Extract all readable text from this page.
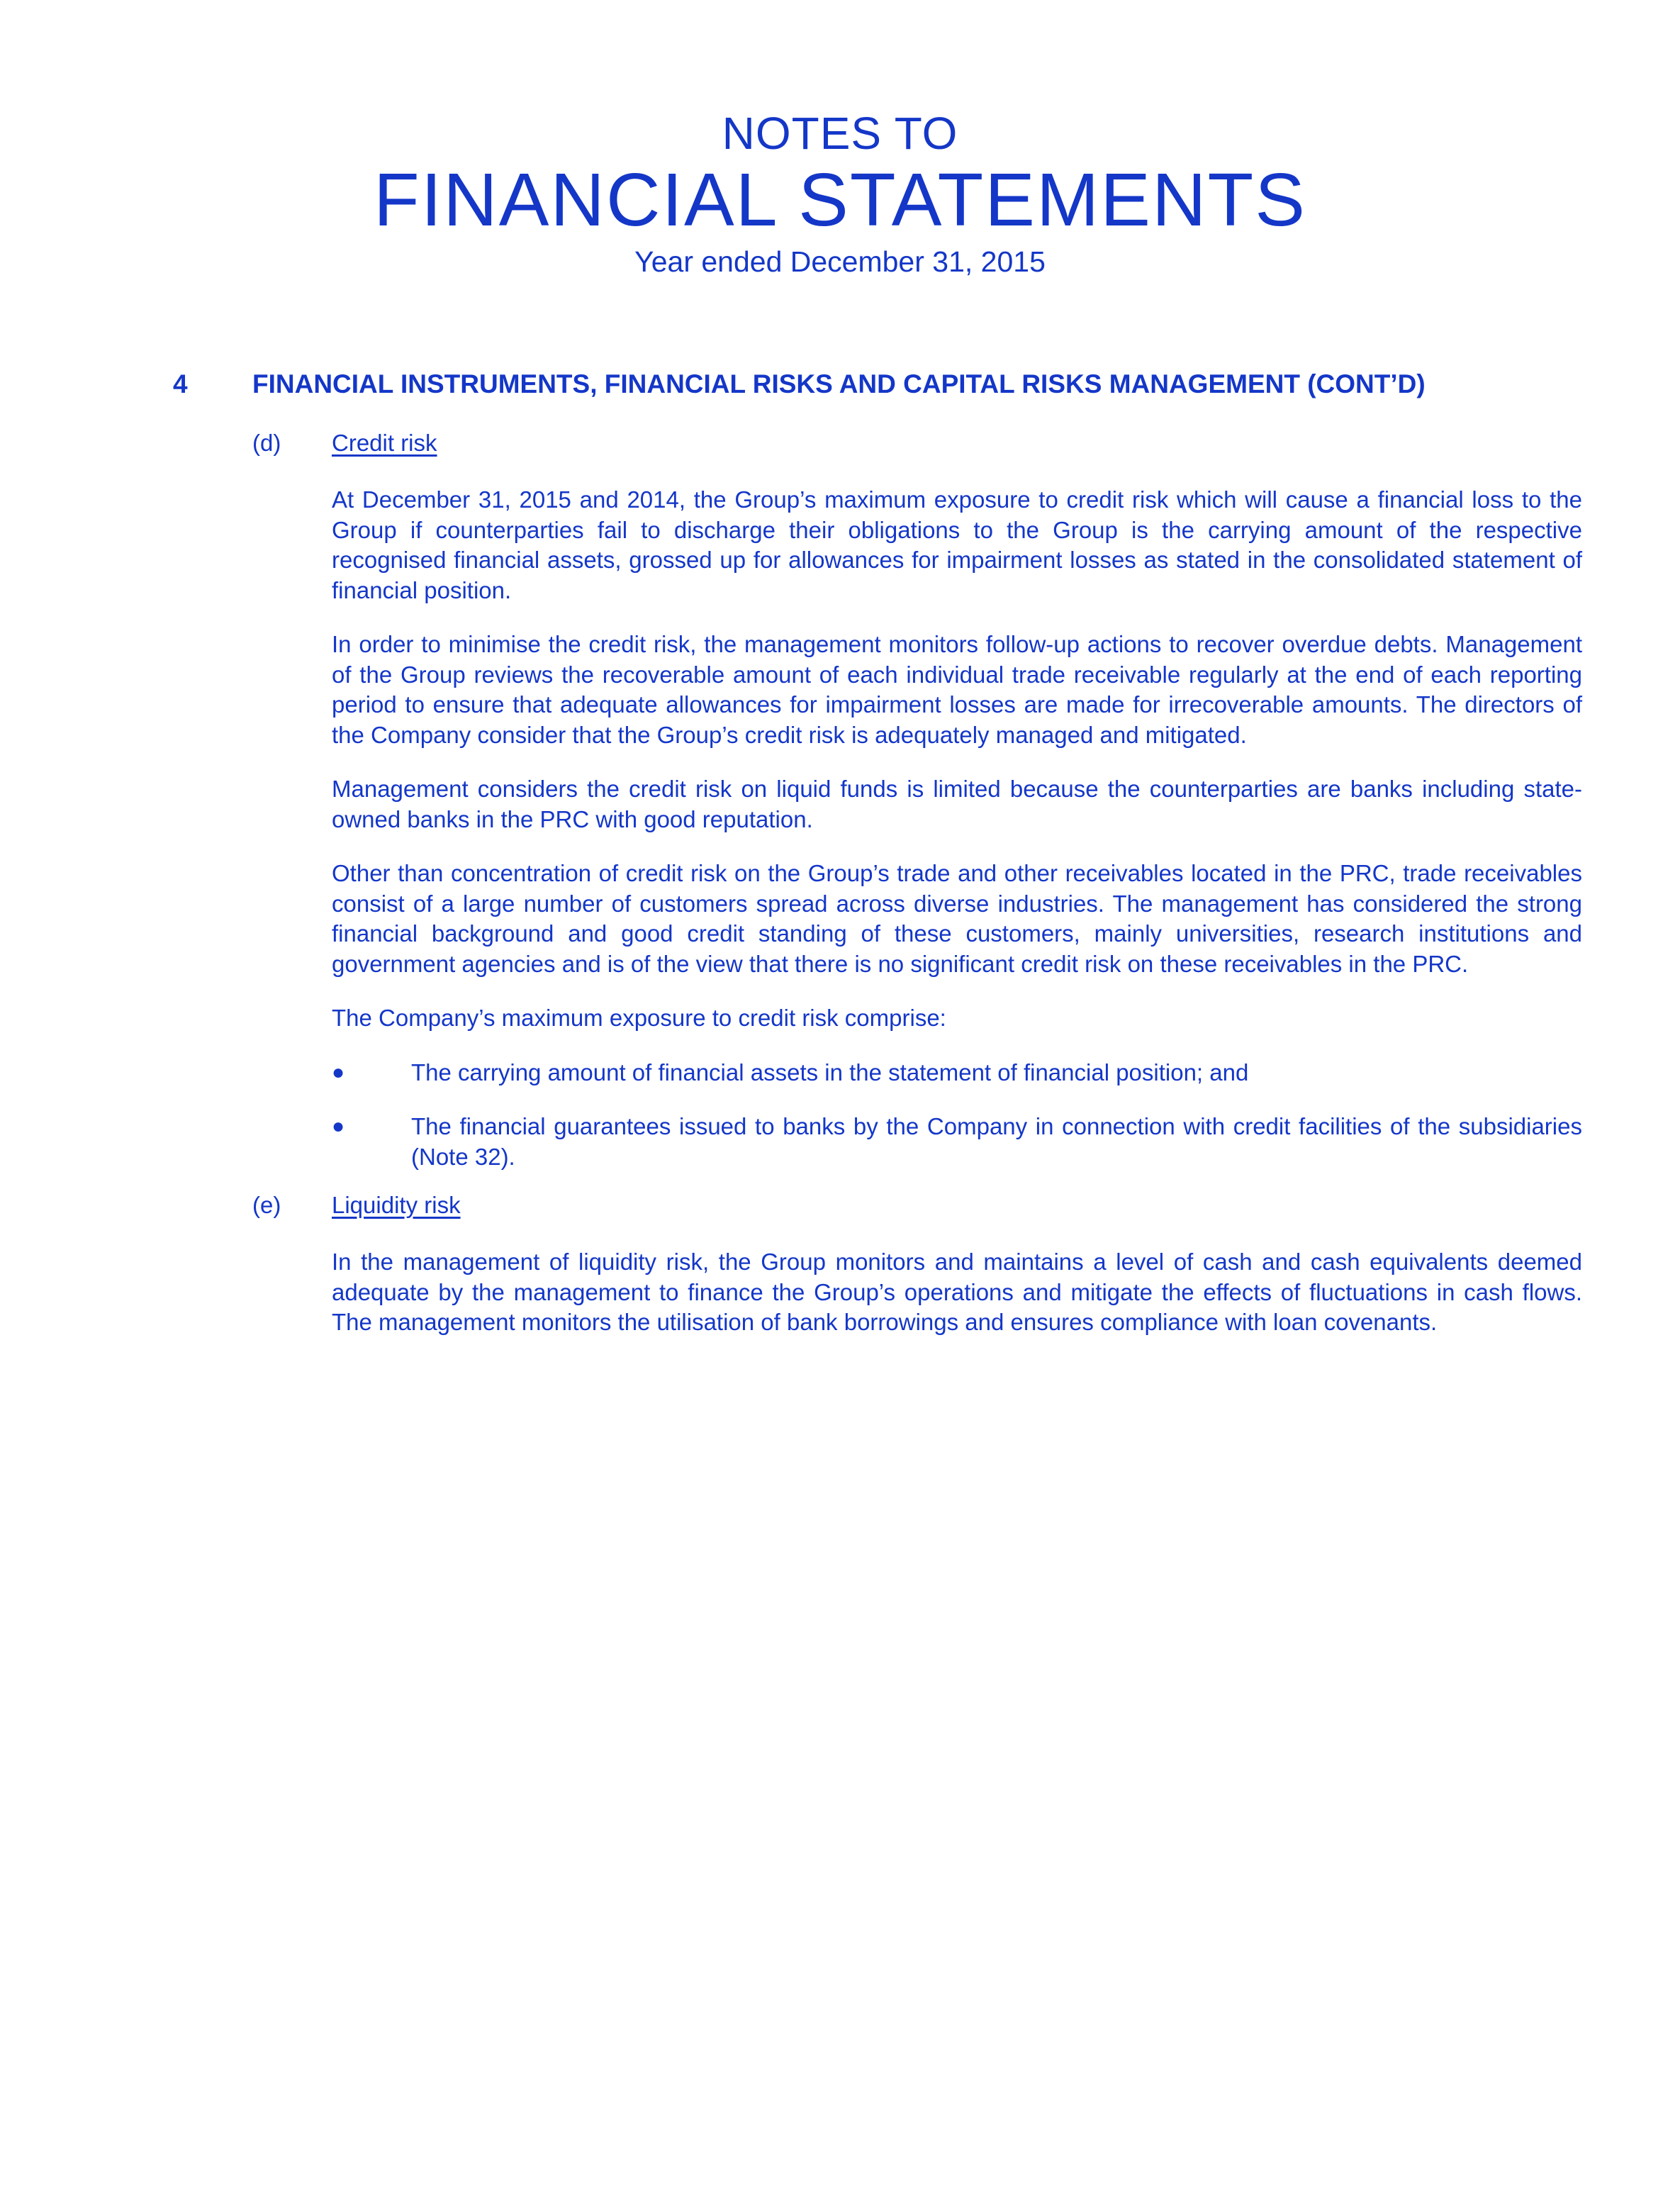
NOTES TO
FINANCIAL STATEMENTS
Year ended December 31, 2015
4 FINANCIAL INSTRUMENTS, FINANCIAL RISKS AND CAPITAL RISKS MANAGEMENT (CONT’D)
(d) Credit risk

At December 31, 2015 and 2014, the Group’s maximum exposure to credit risk which will cause a financial loss to the Group if counterparties fail to discharge their obligations to the Group is the carrying amount of the respective recognised financial assets, grossed up for allowances for impairment losses as stated in the consolidated statement of financial position.

In order to minimise the credit risk, the management monitors follow-up actions to recover overdue debts. Management of the Group reviews the recoverable amount of each individual trade receivable regularly at the end of each reporting period to ensure that adequate allowances for impairment losses are made for irrecoverable amounts. The directors of the Company consider that the Group’s credit risk is adequately managed and mitigated.

Management considers the credit risk on liquid funds is limited because the counterparties are banks including state-owned banks in the PRC with good reputation.

Other than concentration of credit risk on the Group’s trade and other receivables located in the PRC, trade receivables consist of a large number of customers spread across diverse industries. The management has considered the strong financial background and good credit standing of these customers, mainly universities, research institutions and government agencies and is of the view that there is no significant credit risk on these receivables in the PRC.

The Company’s maximum exposure to credit risk comprise:

●	The carrying amount of financial assets in the statement of financial position; and
●	The financial guarantees issued to banks by the Company in connection with credit facilities of the subsidiaries (Note 32).
(e) Liquidity risk

In the management of liquidity risk, the Group monitors and maintains a level of cash and cash equivalents deemed adequate by the management to finance the Group’s operations and mitigate the effects of fluctuations in cash flows. The management monitors the utilisation of bank borrowings and ensures compliance with loan covenants.
